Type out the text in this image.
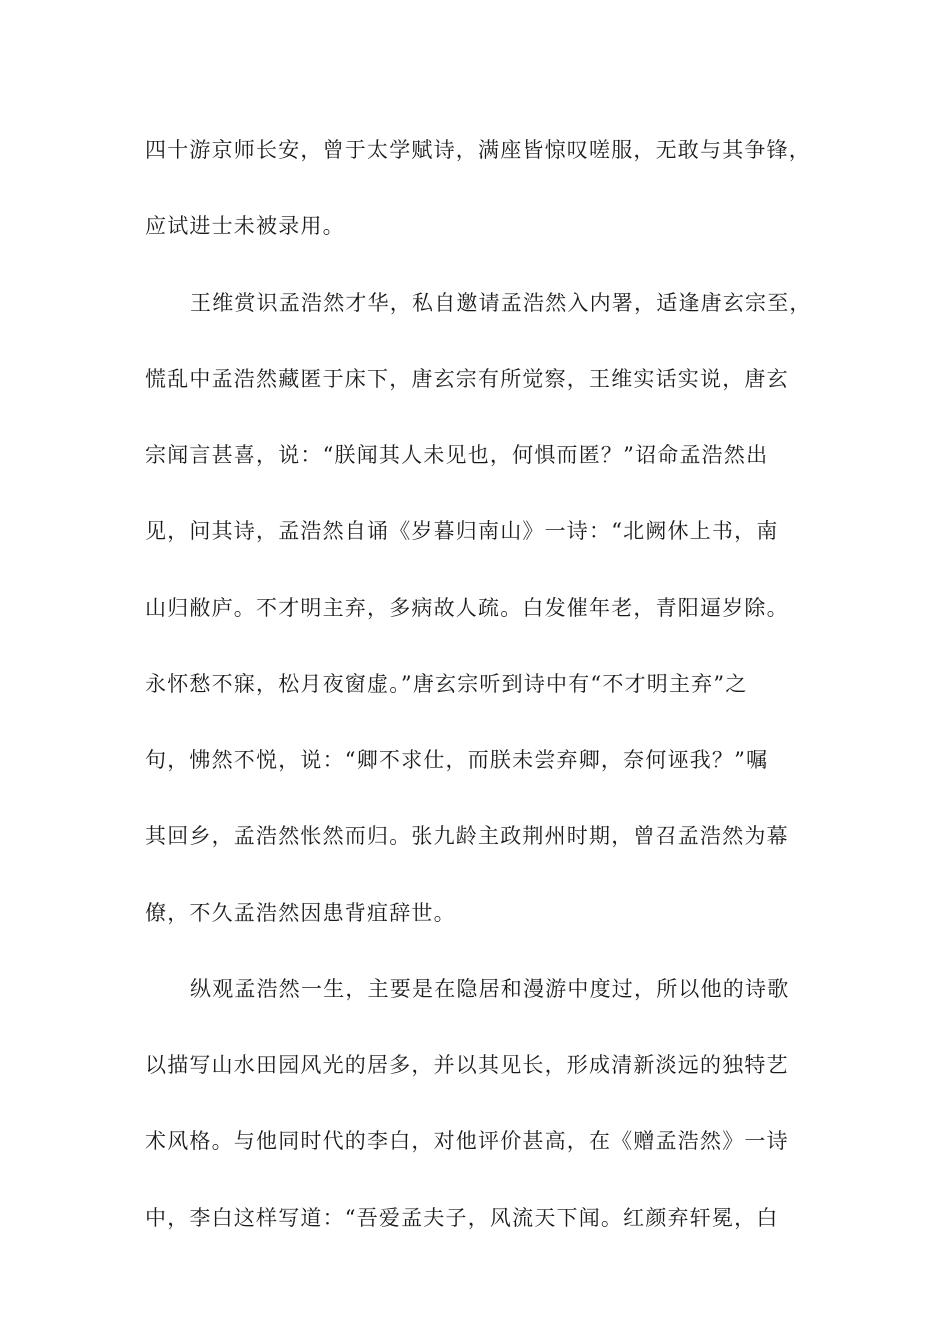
四十游京师长安，曾于太学赋诗，满座皆惊叹嗟服，无敢与其争锋，
应试进士未被录用。
王维赏识孟浩然才华，私自邀请孟浩然入内署，适逢唐玄宗至，
慌乱中孟浩然藏匿于床下，唐玄宗有所觉察，王维实话实说，唐玄
宗闻言甚喜，说：“朕闻其人未见也，何惧而匿？”诏命孟浩然出
见，问其诗，孟浩然自诵《岁暮归南山》一诗：“北阙休上书，南
山归敝庐。不才明主弃，多病故人疏。白发催年老，青阳逼岁除。
永怀愁不寐，松月夜窗虚。”唐玄宗听到诗中有“不才明主弃”之
句，怫然不悦，说：“卿不求仕，而朕未尝弃卿，奈何诬我？”嘱
其回乡，孟浩然怅然而归。张九龄主政荆州时期，曾召孟浩然为幕
僚，不久孟浩然因患背疽辞世。
纵观孟浩然一生，主要是在隐居和漫游中度过，所以他的诗歌
以描写山水田园风光的居多，并以其见长，形成清新淡远的独特艺
术风格。与他同时代的李白，对他评价甚高，在《赠孟浩然》一诗
中，李白这样写道：“吾爱孟夫子，风流天下闻。红颜弃轩冕，白
